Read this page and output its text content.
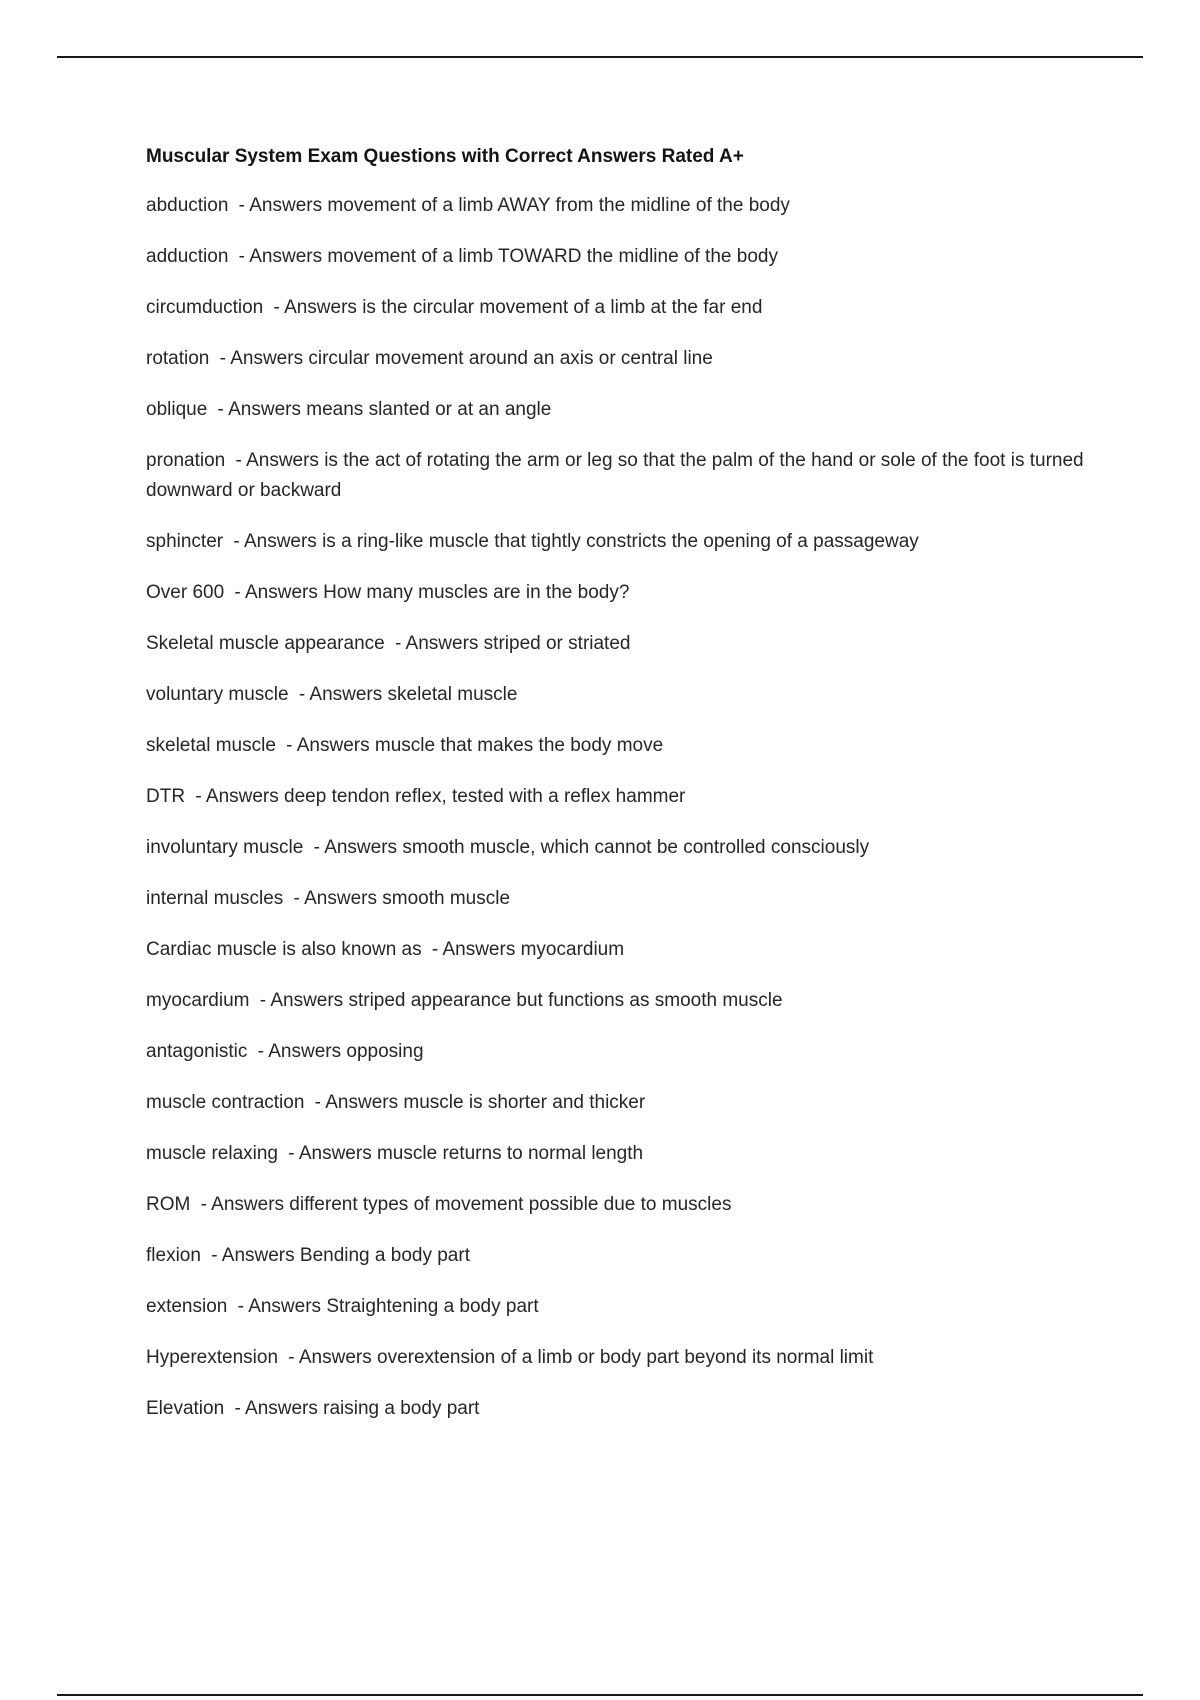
Muscular System Exam Questions with Correct Answers Rated A+
abduction - Answers movement of a limb AWAY from the midline of the body
adduction - Answers movement of a limb TOWARD the midline of the body
circumduction - Answers is the circular movement of a limb at the far end
rotation - Answers circular movement around an axis or central line
oblique - Answers means slanted or at an angle
pronation - Answers is the act of rotating the arm or leg so that the palm of the hand or sole of the foot is turned downward or backward
sphincter - Answers is a ring-like muscle that tightly constricts the opening of a passageway
Over 600 - Answers How many muscles are in the body?
Skeletal muscle appearance - Answers striped or striated
voluntary muscle - Answers skeletal muscle
skeletal muscle - Answers muscle that makes the body move
DTR - Answers deep tendon reflex, tested with a reflex hammer
involuntary muscle - Answers smooth muscle, which cannot be controlled consciously
internal muscles - Answers smooth muscle
Cardiac muscle is also known as - Answers myocardium
myocardium - Answers striped appearance but functions as smooth muscle
antagonistic - Answers opposing
muscle contraction - Answers muscle is shorter and thicker
muscle relaxing - Answers muscle returns to normal length
ROM - Answers different types of movement possible due to muscles
flexion - Answers Bending a body part
extension - Answers Straightening a body part
Hyperextension - Answers overextension of a limb or body part beyond its normal limit
Elevation - Answers raising a body part
